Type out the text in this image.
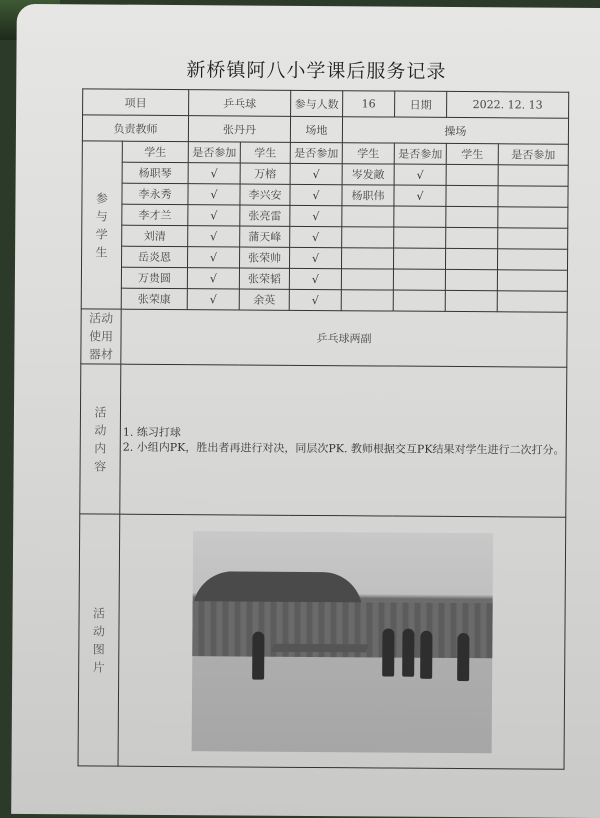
新桥镇阿八小学课后服务记录
项目		乒乓球		参与人数	16	日期	2022. 12. 13	
负责教师		张丹丹		场地	操场			
参与学生	学生	是否参加	学生	是否参加	学生	是否参加	学生	是否参加
	杨职琴	√	万榕	√	岑发敵	√		
	李永秀	√	李兴安	√	杨职伟	√		
	李才兰	√	张亮雷	√				
	刘清	√	蒲天峰	√				
	岳炎恩	√	张荣帅	√				
	万贵圆	√	张荣韬	√				
	张荣康	√	余英	√				
活动使用器材	乒乓球两副							
活动内容	1. 练习打球
2. 小组内PK，胜出者再进行对决，同层次PK. 教师根据交互PK结果对学生进行二次打分。							

活动图片								
